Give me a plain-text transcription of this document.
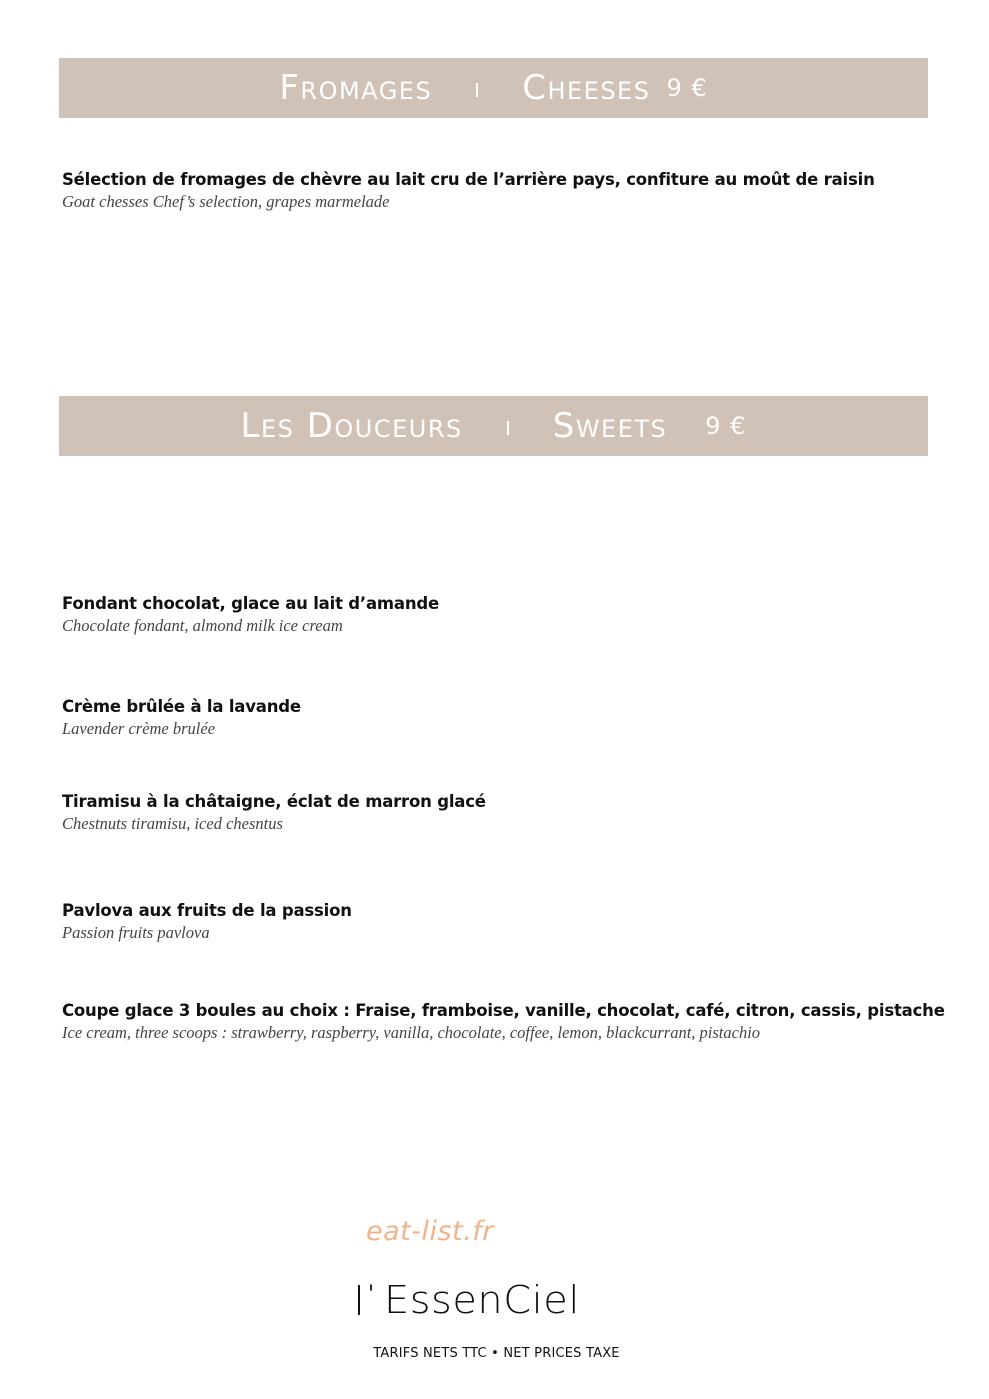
Fromages	Cheeses 9 €
Sélection de fromages de chèvre au lait cru de l’arrière pays, confiture au moût de raisin
Goat chesses Chef’s selection, grapes marmelade
Les Douceurs	Sweets 9 €
Fondant chocolat, glace au lait d’amande
Chocolate fondant, almond milk ice cream
Crème brûlée à la lavande
Lavender crème brulée
Tiramisu à la châtaigne, éclat de marron glacé
Chestnuts tiramisu, iced chesntus
Pavlova aux fruits de la passion
Passion fruits pavlova
Coupe glace 3 boules au choix : Fraise, framboise, vanille, chocolat, café, citron, cassis, pistache
Ice cream, three scoops : strawberry, raspberry, vanilla, chocolate, coffee, lemon, blackcurrant, pistachio
eat-list.fr
' EssenCiel
TARIFS NETS TTC • NET PRICES TAXE
